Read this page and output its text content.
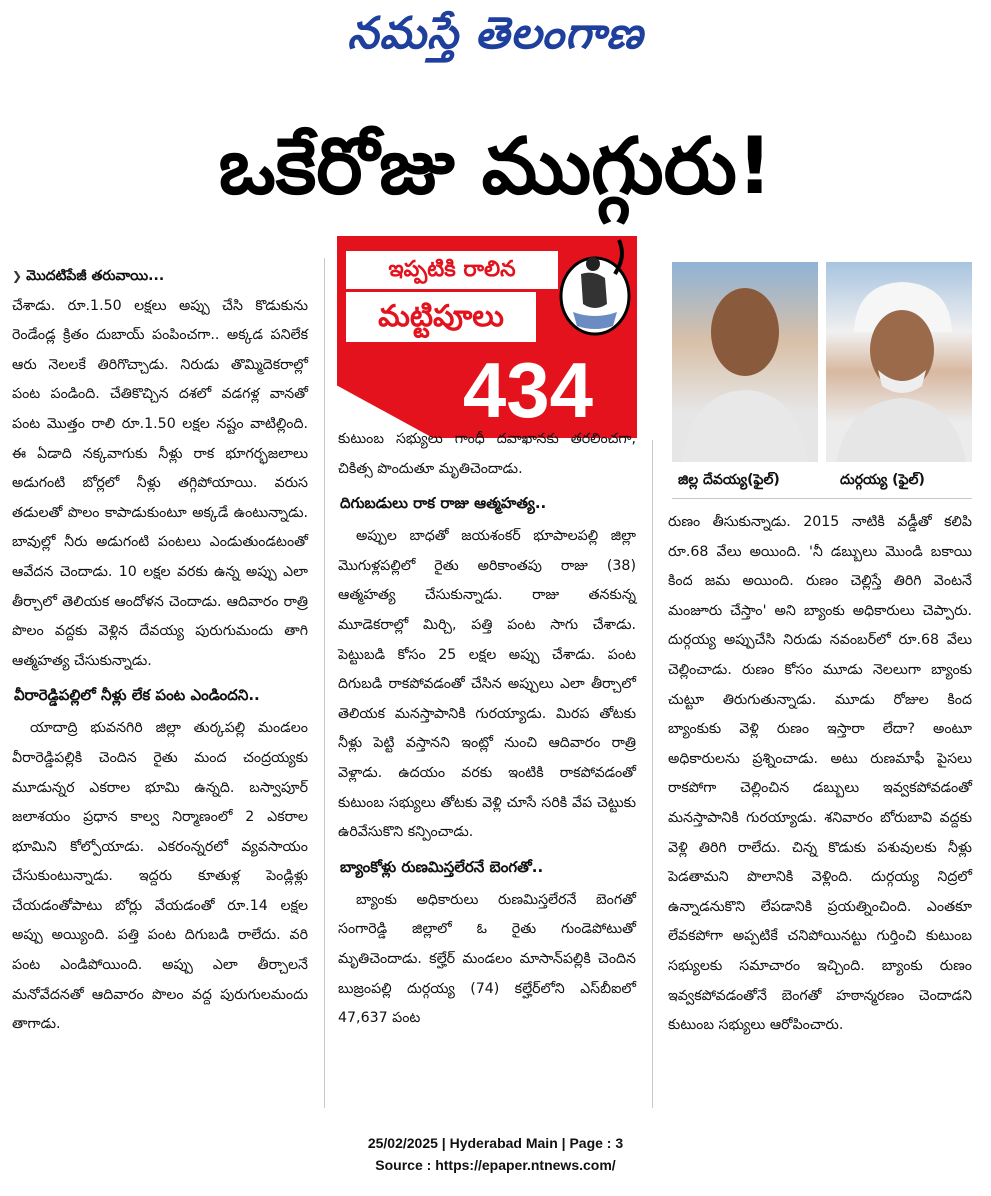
నమస్తే తెలంగాణ
ఒకేరోజు ముగ్గురు!
❯ మొదటిపేజీ తరువాయి...

చేశాడు. రూ.1.50 లక్షలు అప్పు చేసి కొడుకును రెండేండ్ల క్రితం దుబాయ్ పంపించగా.. అక్కడ పనిలేక ఆరు నెలలకే తిరిగొచ్చాడు. నిరుడు తొమ్మిదెకరాల్లో పంట పండింది. చేతికొచ్చిన దశలో వడగళ్ల వానతో పంట మొత్తం రాలి రూ.1.50 లక్షల నష్టం వాటిల్లింది. ఈ ఏడాది నక్కవాగుకు నీళ్లు రాక భూగర్భజలాలు అడుగంటి బోర్లలో నీళ్లు తగ్గిపోయాయి. వరుస తడులతో పొలం కాపాడుకుంటూ అక్కడే ఉంటున్నాడు. బావుల్లో నీరు అడుగంటి పంటలు ఎండుతుండటంతో ఆవేదన చెందాడు. 10 లక్షల వరకు ఉన్న అప్పు ఎలా తీర్చాలో తెలియక ఆందోళన చెందాడు. ఆదివారం రాత్రి పొలం వద్దకు వెళ్లిన దేవయ్య పురుగుమందు తాగి ఆత్మహత్య చేసుకున్నాడు.

వీరారెడ్డిపల్లిలో నీళ్లు లేక పంట ఎండిందని..

యాదాద్రి భువనగిరి జిల్లా తుర్కపల్లి మండలం వీరారెడ్డిపల్లికి చెందిన రైతు మంద చంద్రయ్యకు మూడున్నర ఎకరాల భూమి ఉన్నది. బస్వాపూర్ జలాశయం ప్రధాన కాల్వ నిర్మాణంలో 2 ఎకరాల భూమిని కోల్పోయాడు. ఎకరంన్నరలో వ్యవసాయం చేసుకుంటున్నాడు. ఇద్దరు కూతుళ్ల పెండ్లిళ్లు చేయడంతోపాటు బోర్లు వేయడంతో రూ.14 లక్షల అప్పు అయ్యింది. పత్తి పంట దిగుబడి రాలేదు. వరి పంట ఎండిపోయింది. అప్పు ఎలా తీర్చాలనే మనోవేదనతో ఆదివారం పొలం వద్ద పురుగులమందు తాగాడు.

ఇప్పటికి రాలిన
మట్టిపూలు
434

కుటుంబ సభ్యులు గాంధీ దవాఖానకు తరలించగా, చికిత్స పొందుతూ మృతిచెందాడు.

దిగుబడులు రాక రాజు ఆత్మహత్య..

అప్పుల బాధతో జయశంకర్ భూపాలపల్లి జిల్లా మొగుళ్లపల్లిలో రైతు అరికాంతపు రాజు (38) ఆత్మహత్య చేసుకున్నాడు. రాజు తనకున్న మూడెకరాల్లో మిర్చి, పత్తి పంట సాగు చేశాడు. పెట్టుబడి కోసం 25 లక్షల అప్పు చేశాడు. పంట దిగుబడి రాకపోవడంతో చేసిన అప్పులు ఎలా తీర్చాలో తెలియక మనస్తాపానికి గురయ్యాడు. మిరప తోటకు నీళ్లు పెట్టి వస్తానని ఇంట్లో నుంచి ఆదివారం రాత్రి వెళ్లాడు. ఉదయం వరకు ఇంటికి రాకపోవడంతో కుటుంబ సభ్యులు తోటకు వెళ్లి చూసే సరికి వేప చెట్టుకు ఉరివేసుకొని కన్పించాడు.

బ్యాంకోళ్లు రుణమిస్తలేరనే బెంగతో..

బ్యాంకు అధికారులు రుణమిస్తలేరనే బెంగతో సంగారెడ్డి జిల్లాలో ఓ రైతు గుండెపోటుతో మృతిచెందాడు. కల్హేర్ మండలం మాసాన్‌పల్లికి చెందిన బుజ్రంపల్లి దుర్గయ్య (74) కల్హేర్‌లోని ఎస్‌బీఐలో 47,637 పంట

జిల్ల దేవయ్య(ఫైల్)	దుర్గయ్య (ఫైల్)

రుణం తీసుకున్నాడు. 2015 నాటికి వడ్డీతో కలిపి రూ.68 వేలు అయింది. 'నీ డబ్బులు మొండి బకాయి కింద జమ అయింది. రుణం చెల్లిస్తే తిరిగి వెంటనే మంజూరు చేస్తాం' అని బ్యాంకు అధికారులు చెప్పారు. దుర్గయ్య అప్పుచేసి నిరుడు నవంబర్‌లో రూ.68 వేలు చెల్లించాడు. రుణం కోసం మూడు నెలలుగా బ్యాంకు చుట్టూ తిరుగుతున్నాడు. మూడు రోజుల కింద బ్యాంకుకు వెళ్లి రుణం ఇస్తారా లేదా? అంటూ అధికారులను ప్రశ్నించాడు. అటు రుణమాఫీ పైసలు రాకపోగా చెల్లించిన డబ్బులు ఇవ్వకపోవడంతో మనస్తాపానికి గురయ్యాడు. శనివారం బోరుబావి వద్దకు వెళ్లి తిరిగి రాలేదు. చిన్న కొడుకు పశువులకు నీళ్లు పెడతామని పొలానికి వెళ్లింది. దుర్గయ్య నిద్రలో ఉన్నాడనుకొని లేపడానికి ప్రయత్నించింది. ఎంతకూ లేవకపోగా అప్పటికే చనిపోయినట్టు గుర్తించి కుటుంబ సభ్యులకు సమాచారం ఇచ్చింది. బ్యాంకు రుణం ఇవ్వకపోవడంతోనే బెంగతో హఠాన్మరణం చెందాడని కుటుంబ సభ్యులు ఆరోపించారు.

25/02/2025 | Hyderabad Main | Page : 3
Source : https://epaper.ntnews.com/
